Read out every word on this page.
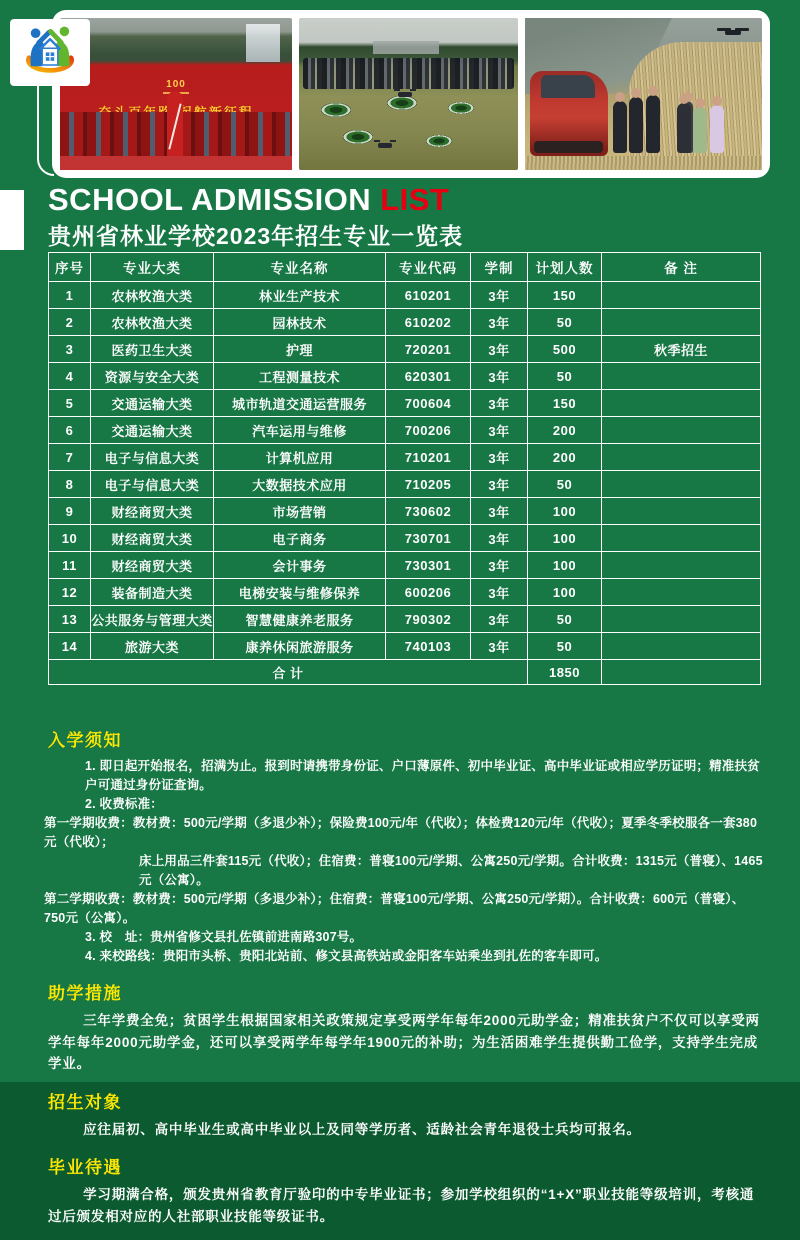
100
SCHOOL ADMISSION LIST
贵州省林业学校2023年招生专业一览表
序号	专业大类	专业名称	专业代码	学制	计划人数	备 注
1	农林牧渔大类	林业生产技术	610201	3年	150	
2	农林牧渔大类	园林技术	610202	3年	50	
3	医药卫生大类	护理	720201	3年	500	秋季招生
4	资源与安全大类	工程测量技术	620301	3年	50	
5	交通运输大类	城市轨道交通运营服务	700604	3年	150	
6	交通运输大类	汽车运用与维修	700206	3年	200	
7	电子与信息大类	计算机应用	710201	3年	200	
8	电子与信息大类	大数据技术应用	710205	3年	50	
9	财经商贸大类	市场营销	730602	3年	100	
10	财经商贸大类	电子商务	730701	3年	100	
11	财经商贸大类	会计事务	730301	3年	100	
12	装备制造大类	电梯安装与维修保养	600206	3年	100	
13	公共服务与管理大类	智慧健康养老服务	790302	3年	50	
14	旅游大类	康养休闲旅游服务	740103	3年	50	
合 计					1850	
入学须知

1. 即日起开始报名，招满为止。报到时请携带身份证、户口薄原件、初中毕业证、高中毕业证或相应学历证明；精准扶贫户可通过身份证查询。

2. 收费标准：

第一学期收费：教材费：500元/学期（多退少补）；保险费100元/年（代收）；体检费120元/年（代收）；夏季冬季校服各一套380元（代收）；

床上用品三件套115元（代收）；住宿费：普寝100元/学期、公寓250元/学期。合计收费：1315元（普寝）、1465元（公寓）。

第二学期收费：教材费：500元/学期（多退少补）；住宿费：普寝100元/学期、公寓250元/学期）。合计收费：600元（普寝）、750元（公寓）。

3. 校　址：贵州省修文县扎佐镇前进南路307号。

4. 来校路线：贵阳市头桥、贵阳北站前、修文县高铁站或金阳客车站乘坐到扎佐的客车即可。

助学措施

三年学费全免；贫困学生根据国家相关政策规定享受两学年每年2000元助学金；精准扶贫户不仅可以享受两学年每年2000元助学金，还可以享受两学年每学年1900元的补助；为生活困难学生提供勤工俭学，支持学生完成学业。

招生对象

应往届初、高中毕业生或高中毕业以上及同等学历者、适龄社会青年退役士兵均可报名。

毕业待遇

学习期满合格，颁发贵州省教育厅验印的中专毕业证书；参加学校组织的“1+X”职业技能等级培训，考核通过后颁发相对应的人社部职业技能等级证书。
